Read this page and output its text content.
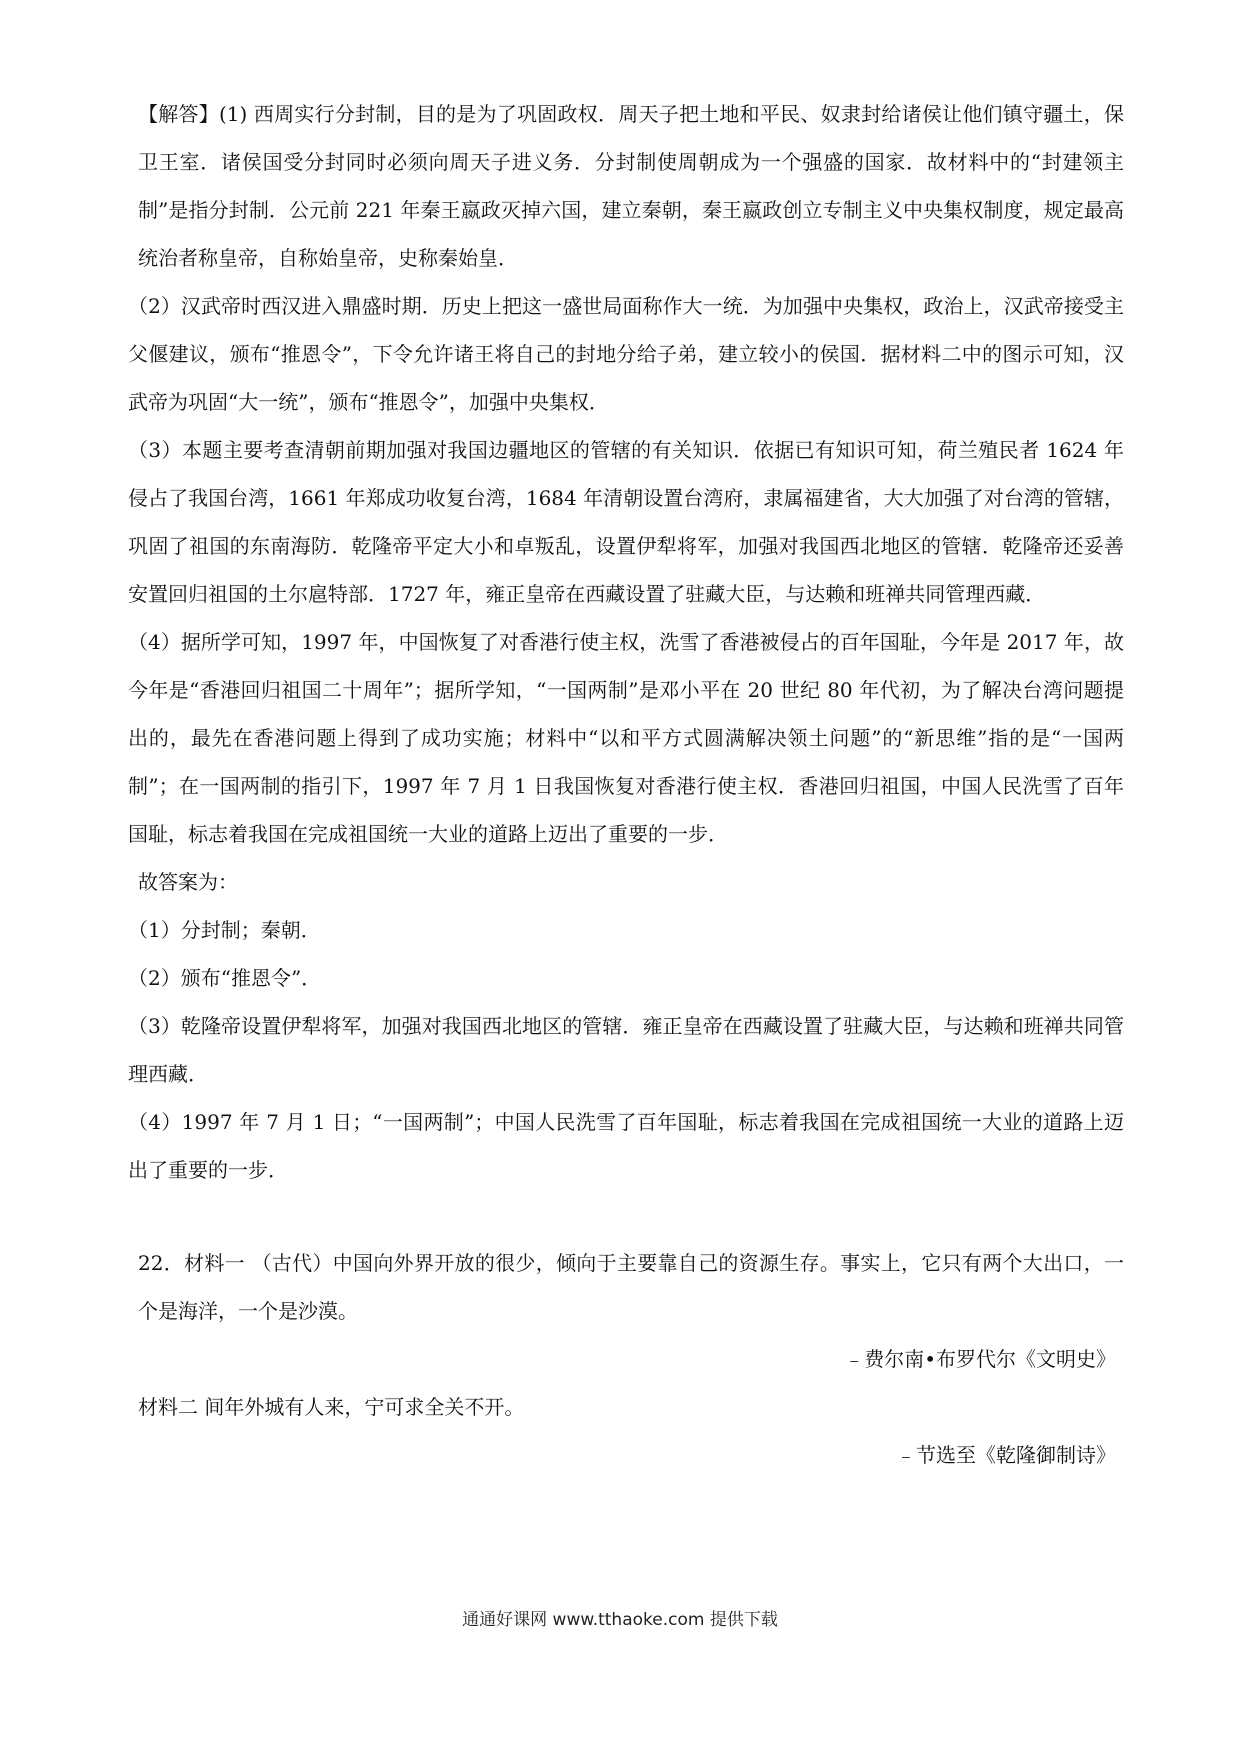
【解答】(1) 西周实行分封制，目的是为了巩固政权．周天子把土地和平民、奴隶封给诸侯让他们镇守疆土，保卫王室．诸侯国受分封同时必须向周天子进义务．分封制使周朝成为一个强盛的国家．故材料中的“封建领主制”是指分封制．公元前 221 年秦王嬴政灭掉六国，建立秦朝，秦王嬴政创立专制主义中央集权制度，规定最高统治者称皇帝，自称始皇帝，史称秦始皇．

（2）汉武帝时西汉进入鼎盛时期．历史上把这一盛世局面称作大一统．为加强中央集权，政治上，汉武帝接受主父偃建议，颁布“推恩令”，下令允许诸王将自己的封地分给子弟，建立较小的侯国．据材料二中的图示可知，汉武帝为巩固“大一统”，颁布“推恩令”，加强中央集权．

（3）本题主要考查清朝前期加强对我国边疆地区的管辖的有关知识．依据已有知识可知，荷兰殖民者 1624 年侵占了我国台湾，1661 年郑成功收复台湾，1684 年清朝设置台湾府，隶属福建省，大大加强了对台湾的管辖，巩固了祖国的东南海防．乾隆帝平定大小和卓叛乱，设置伊犁将军，加强对我国西北地区的管辖．乾隆帝还妥善安置回归祖国的土尔扈特部．1727 年，雍正皇帝在西藏设置了驻藏大臣，与达赖和班禅共同管理西藏．

（4）据所学可知，1997 年，中国恢复了对香港行使主权，洗雪了香港被侵占的百年国耻，今年是 2017 年，故今年是“香港回归祖国二十周年”；据所学知，“一国两制”是邓小平在 20 世纪 80 年代初，为了解决台湾问题提出的，最先在香港问题上得到了成功实施；材料中“以和平方式圆满解决领土问题”的“新思维”指的是“一国两制”；在一国两制的指引下，1997 年 7 月 1 日我国恢复对香港行使主权．香港回归祖国，中国人民洗雪了百年国耻，标志着我国在完成祖国统一大业的道路上迈出了重要的一步．

故答案为：

（1）分封制；秦朝．

（2）颁布“推恩令”．

（3）乾隆帝设置伊犁将军，加强对我国西北地区的管辖．雍正皇帝在西藏设置了驻藏大臣，与达赖和班禅共同管理西藏．

（4）1997 年 7 月 1 日；“一国两制”；中国人民洗雪了百年国耻，标志着我国在完成祖国统一大业的道路上迈出了重要的一步．

22．材料一 （古代）中国向外界开放的很少，倾向于主要靠自己的资源生存。事实上，它只有两个大出口，一个是海洋，一个是沙漠。

﹣费尔南•布罗代尔《文明史》

材料二 间年外城有人来，宁可求全关不开。

﹣节选至《乾隆御制诗》

通通好课网 www.tthaoke.com 提供下载
